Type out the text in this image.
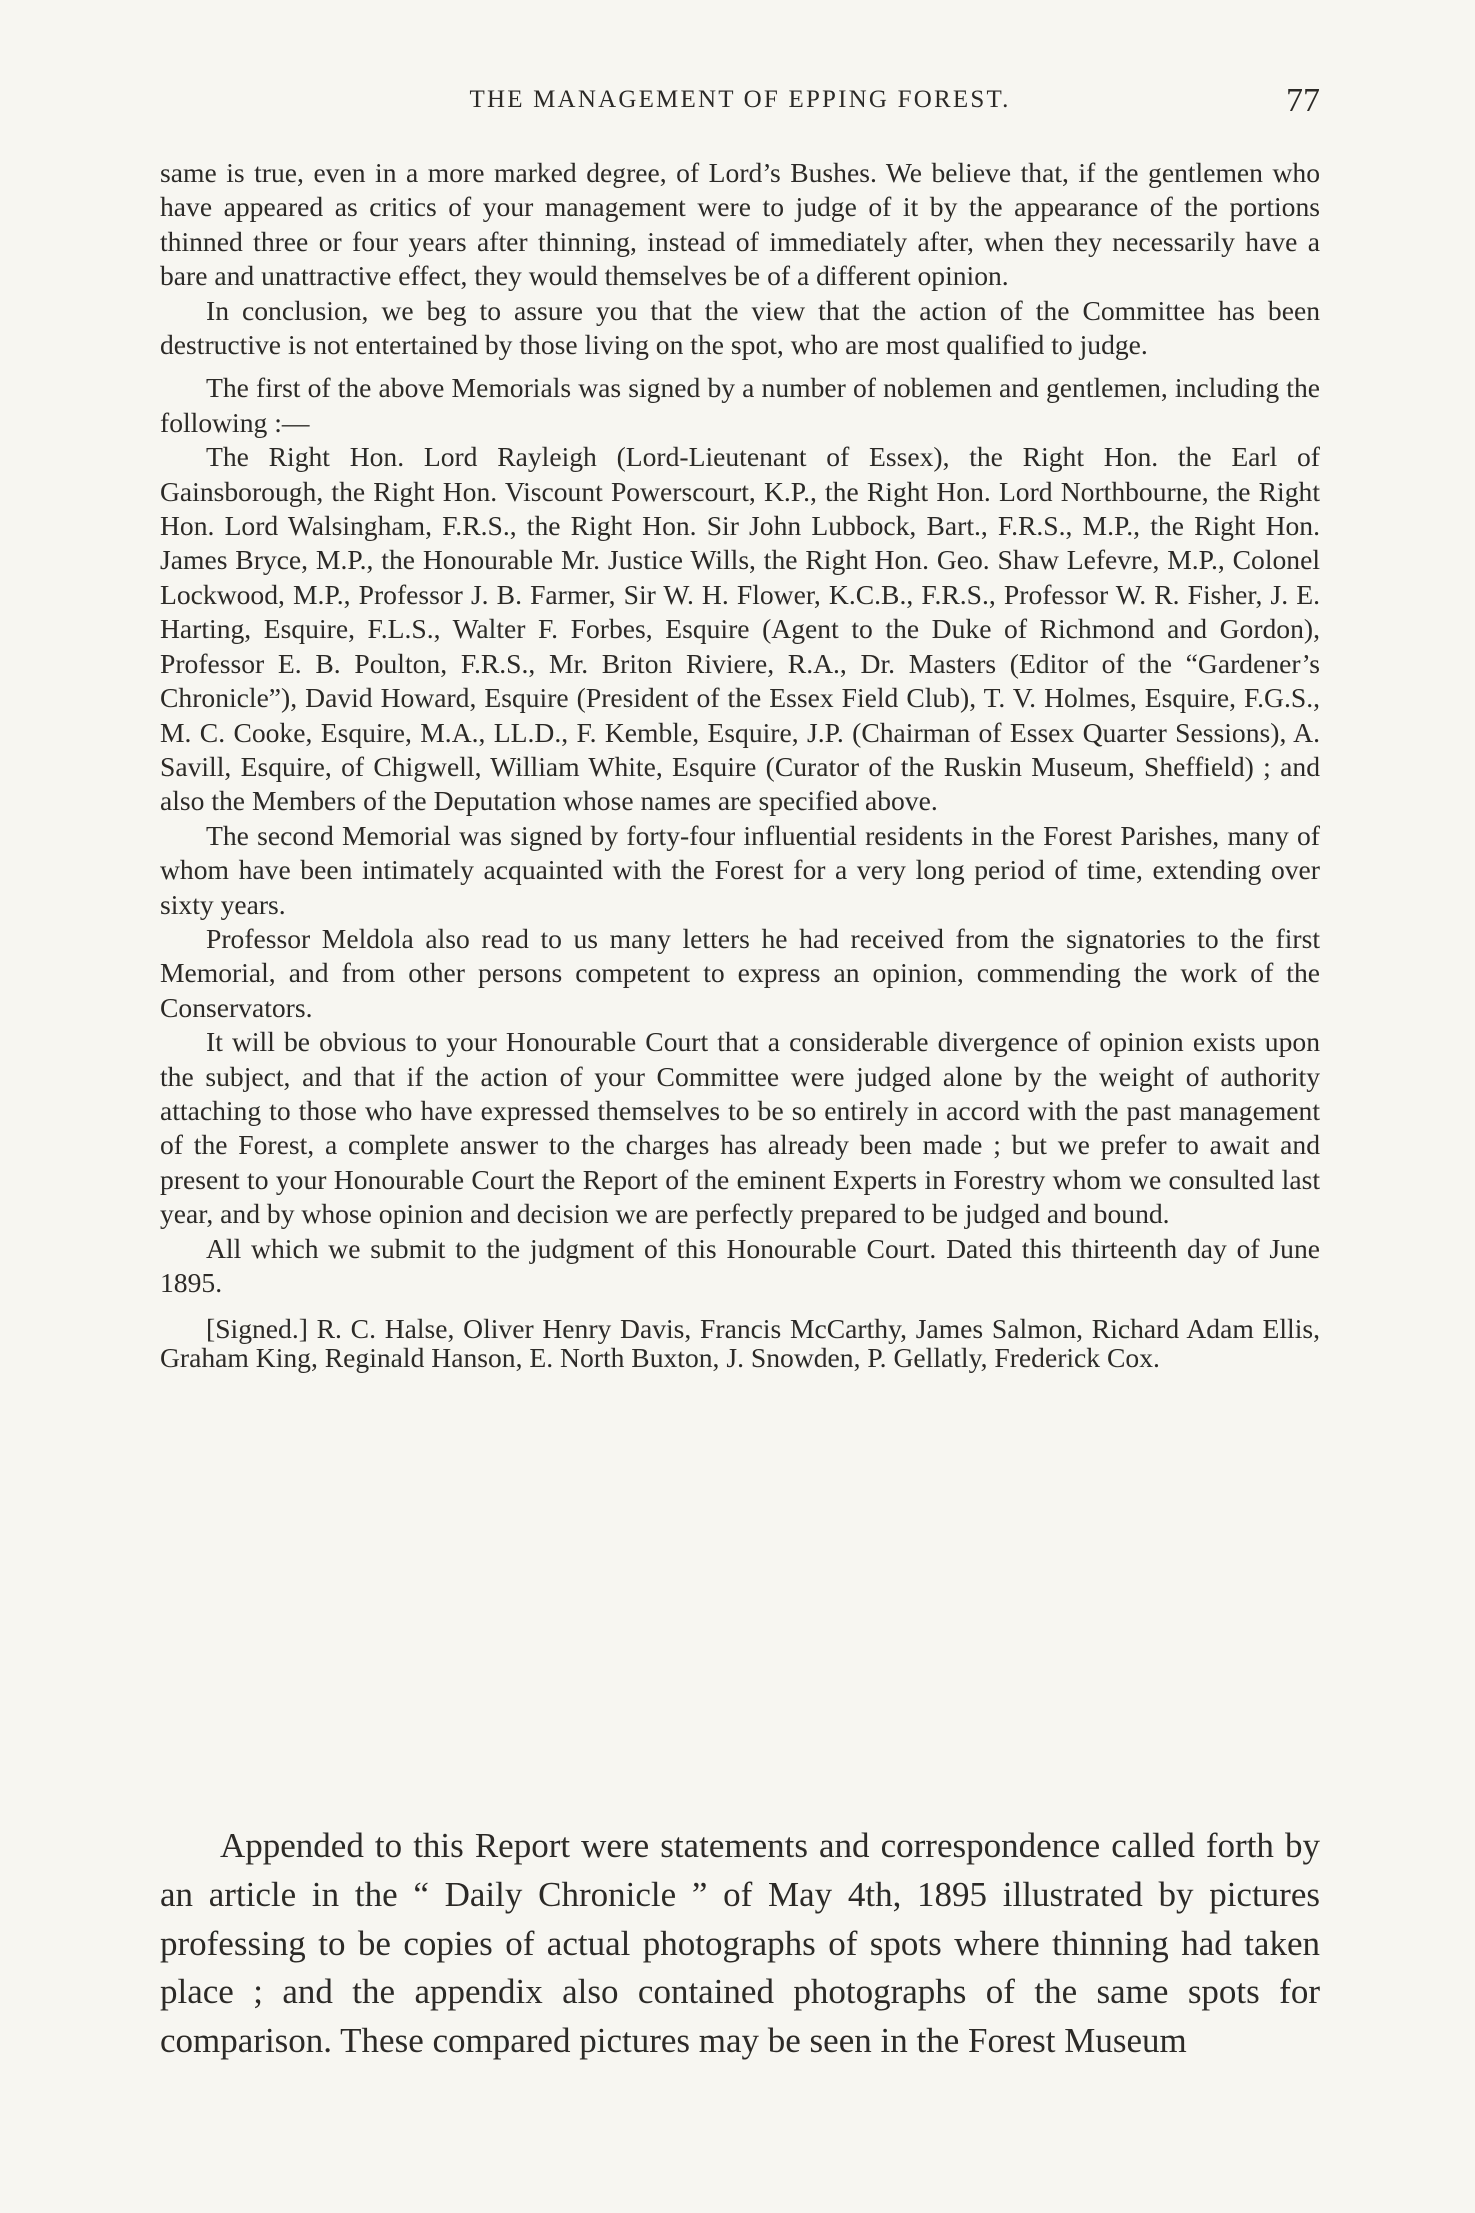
THE MANAGEMENT OF EPPING FOREST.	77

same is true, even in a more marked degree, of Lord’s Bushes. We believe that, if the gentlemen who have appeared as critics of your management were to judge of it by the appearance of the portions thinned three or four years after thinning, instead of immediately after, when they necessarily have a bare and unattractive effect, they would themselves be of a different opinion.

In conclusion, we beg to assure you that the view that the action of the Committee has been destructive is not entertained by those living on the spot, who are most qualified to judge.

The first of the above Memorials was signed by a number of noblemen and gentlemen, including the following :—

The Right Hon. Lord Rayleigh (Lord-Lieutenant of Essex), the Right Hon. the Earl of Gainsborough, the Right Hon. Viscount Powerscourt, K.P., the Right Hon. Lord Northbourne, the Right Hon. Lord Walsingham, F.R.S., the Right Hon. Sir John Lubbock, Bart., F.R.S., M.P., the Right Hon. James Bryce, M.P., the Honourable Mr. Justice Wills, the Right Hon. Geo. Shaw Lefevre, M.P., Colonel Lockwood, M.P., Professor J. B. Farmer, Sir W. H. Flower, K.C.B., F.R.S., Professor W. R. Fisher, J. E. Harting, Esquire, F.L.S., Walter F. Forbes, Esquire (Agent to the Duke of Richmond and Gordon), Professor E. B. Poulton, F.R.S., Mr. Briton Riviere, R.A., Dr. Masters (Editor of the “Gardener’s Chronicle”), David Howard, Esquire (President of the Essex Field Club), T. V. Holmes, Esquire, F.G.S., M. C. Cooke, Esquire, M.A., LL.D., F. Kemble, Esquire, J.P. (Chairman of Essex Quarter Sessions), A. Savill, Esquire, of Chigwell, William White, Esquire (Curator of the Ruskin Museum, Sheffield) ; and also the Members of the Deputation whose names are specified above.

The second Memorial was signed by forty-four influential residents in the Forest Parishes, many of whom have been intimately acquainted with the Forest for a very long period of time, extending over sixty years.

Professor Meldola also read to us many letters he had received from the signatories to the first Memorial, and from other persons competent to express an opinion, commending the work of the Conservators.

It will be obvious to your Honourable Court that a considerable divergence of opinion exists upon the subject, and that if the action of your Committee were judged alone by the weight of authority attaching to those who have expressed themselves to be so entirely in accord with the past management of the Forest, a complete answer to the charges has already been made ; but we prefer to await and present to your Honourable Court the Report of the eminent Experts in Forestry whom we consulted last year, and by whose opinion and decision we are perfectly prepared to be judged and bound.

All which we submit to the judgment of this Honourable Court. Dated this thirteenth day of June 1895.

[Signed.] R. C. Halse, Oliver Henry Davis, Francis McCarthy, James Salmon, Richard Adam Ellis, Graham King, Reginald Hanson, E. North Buxton, J. Snowden, P. Gellatly, Frederick Cox.

Appended to this Report were statements and correspondence called forth by an article in the “ Daily Chronicle ” of May 4th, 1895 illustrated by pictures professing to be copies of actual photographs of spots where thinning had taken place ; and the appendix also contained photographs of the same spots for comparison. These compared pictures may be seen in the Forest Museum
